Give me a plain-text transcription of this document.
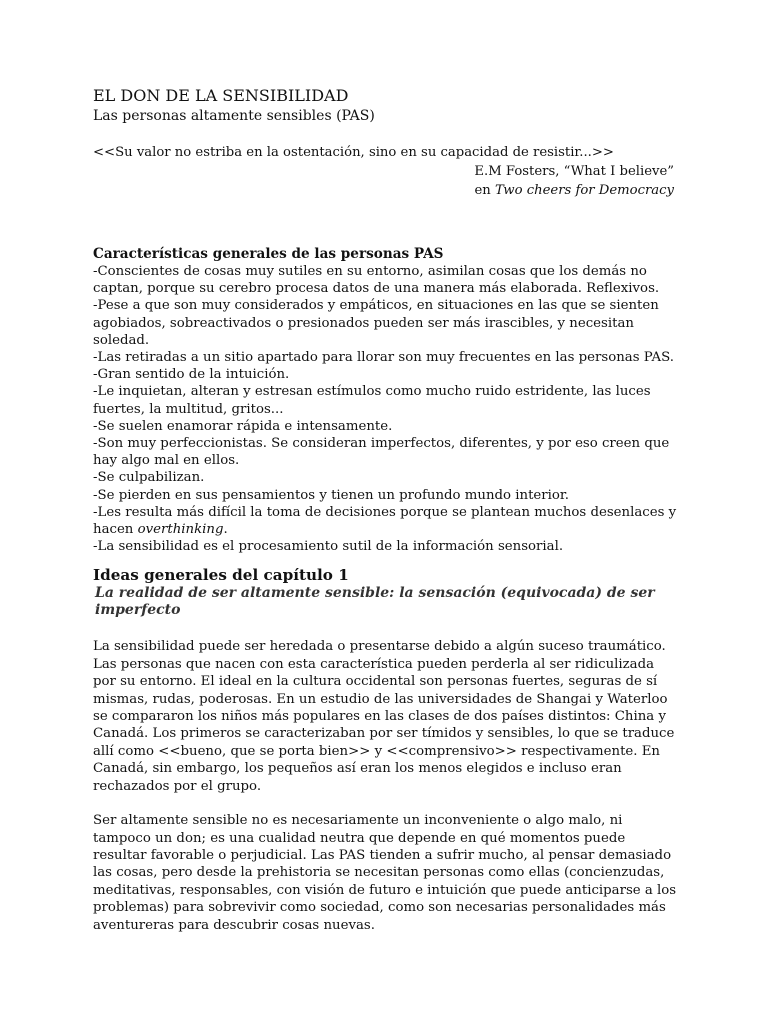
EL DON DE LA SENSIBILIDAD

Las personas altamente sensibles (PAS)

<<Su valor no estriba en la ostentación, sino en su capacidad de resistir...>>

E.M Fosters, “What I believe”

en Two cheers for Democracy

Características generales de las personas PAS
-Conscientes de cosas muy sutiles en su entorno, asimilan cosas que los demás no captan, porque su cerebro procesa datos de una manera más elaborada. Reflexivos.
-Pese a que son muy considerados y empáticos, en situaciones en las que se sienten agobiados, sobreactivados o presionados pueden ser más irascibles, y necesitan soledad.
-Las retiradas a un sitio apartado para llorar son muy frecuentes en las personas PAS.
-Gran sentido de la intuición.
-Le inquietan, alteran y estresan estímulos como mucho ruido estridente, las luces fuertes, la multitud, gritos...
-Se suelen enamorar rápida e intensamente.
-Son muy perfeccionistas. Se consideran imperfectos, diferentes, y por eso creen que hay algo mal en ellos.
-Se culpabilizan.
-Se pierden en sus pensamientos y tienen un profundo mundo interior.
-Les resulta más difícil la toma de decisiones porque se plantean muchos desenlaces y hacen overthinking.
-La sensibilidad es el procesamiento sutil de la información sensorial.
Ideas generales del capítulo 1

La realidad de ser altamente sensible: la sensación (equivocada) de ser imperfecto

La sensibilidad puede ser heredada o presentarse debido a algún suceso traumático. Las personas que nacen con esta característica pueden perderla al ser ridiculizada por su entorno. El ideal en la cultura occidental son personas fuertes, seguras de sí mismas, rudas, poderosas. En un estudio de las universidades de Shangai y Waterloo se compararon los niños más populares en las clases de dos países distintos: China y Canadá. Los primeros se caracterizaban por ser tímidos y sensibles, lo que se traduce allí como <<bueno, que se porta bien>> y <<comprensivo>> respectivamente. En Canadá, sin embargo, los pequeños así eran los menos elegidos e incluso eran rechazados por el grupo.

Ser altamente sensible no es necesariamente un inconveniente o algo malo, ni tampoco un don; es una cualidad neutra que depende en qué momentos puede resultar favorable o perjudicial. Las PAS tienden a sufrir mucho, al pensar demasiado las cosas, pero desde la prehistoria se necesitan personas como ellas (concienzudas, meditativas, responsables, con visión de futuro e intuición que puede anticiparse a los problemas) para sobrevivir como sociedad, como son necesarias personalidades más aventureras para descubrir cosas nuevas.
